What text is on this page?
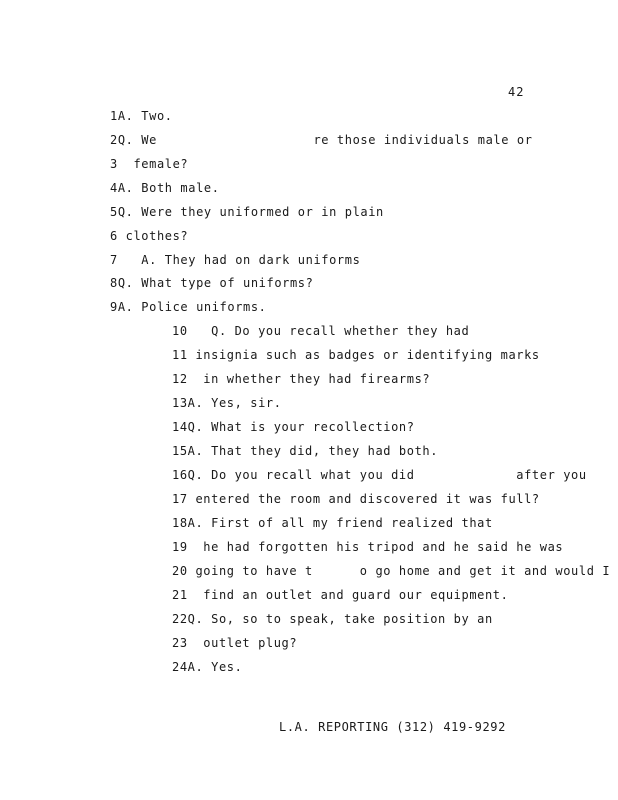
42
1A. Two.
2Q. We                    re those individuals male or
3  female?
4A. Both male.
5Q. Were they uniformed or in plain
6 clothes?
7   A. They had on dark uniforms
8Q. What type of uniforms?
9A. Police uniforms.
10   Q. Do you recall whether they had
11 insignia such as badges or identifying marks
12  in whether they had firearms?
13A. Yes, sir.
14Q. What is your recollection?
15A. That they did, they had both.
16Q. Do you recall what you did             after you
17 entered the room and discovered it was full?
18A. First of all my friend realized that
19  he had forgotten his tripod and he said he was
20 going to have t      o go home and get it and would I
21  find an outlet and guard our equipment.
22Q. So, so to speak, take position by an
23  outlet plug?
24A. Yes.
L.A. REPORTING (312) 419-9292
